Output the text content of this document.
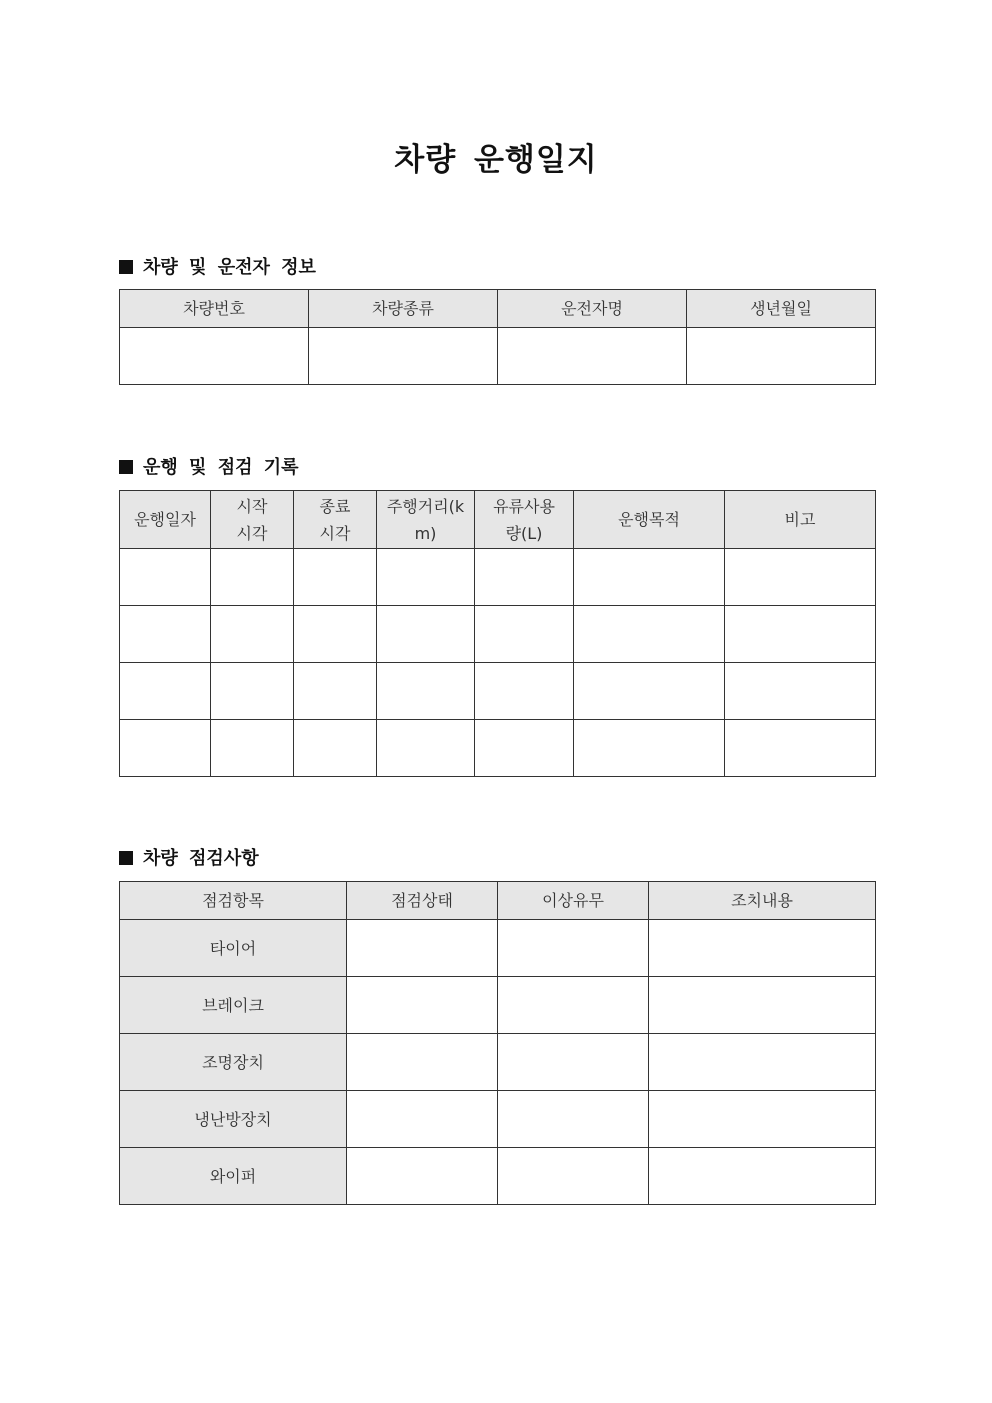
차량 운행일지
차량 및 운전자 정보
차량번호	차량종류	운전자명	생년월일

운행 및 점검 기록
운행일자	시작시각	종료시각	주행거리(km)	유류사용량(L)	운행목적	비고

차량 점검사항
점검항목	점검상태	이상유무	조치내용
타이어			
브레이크			
조명장치			
냉난방장치			
와이퍼			
